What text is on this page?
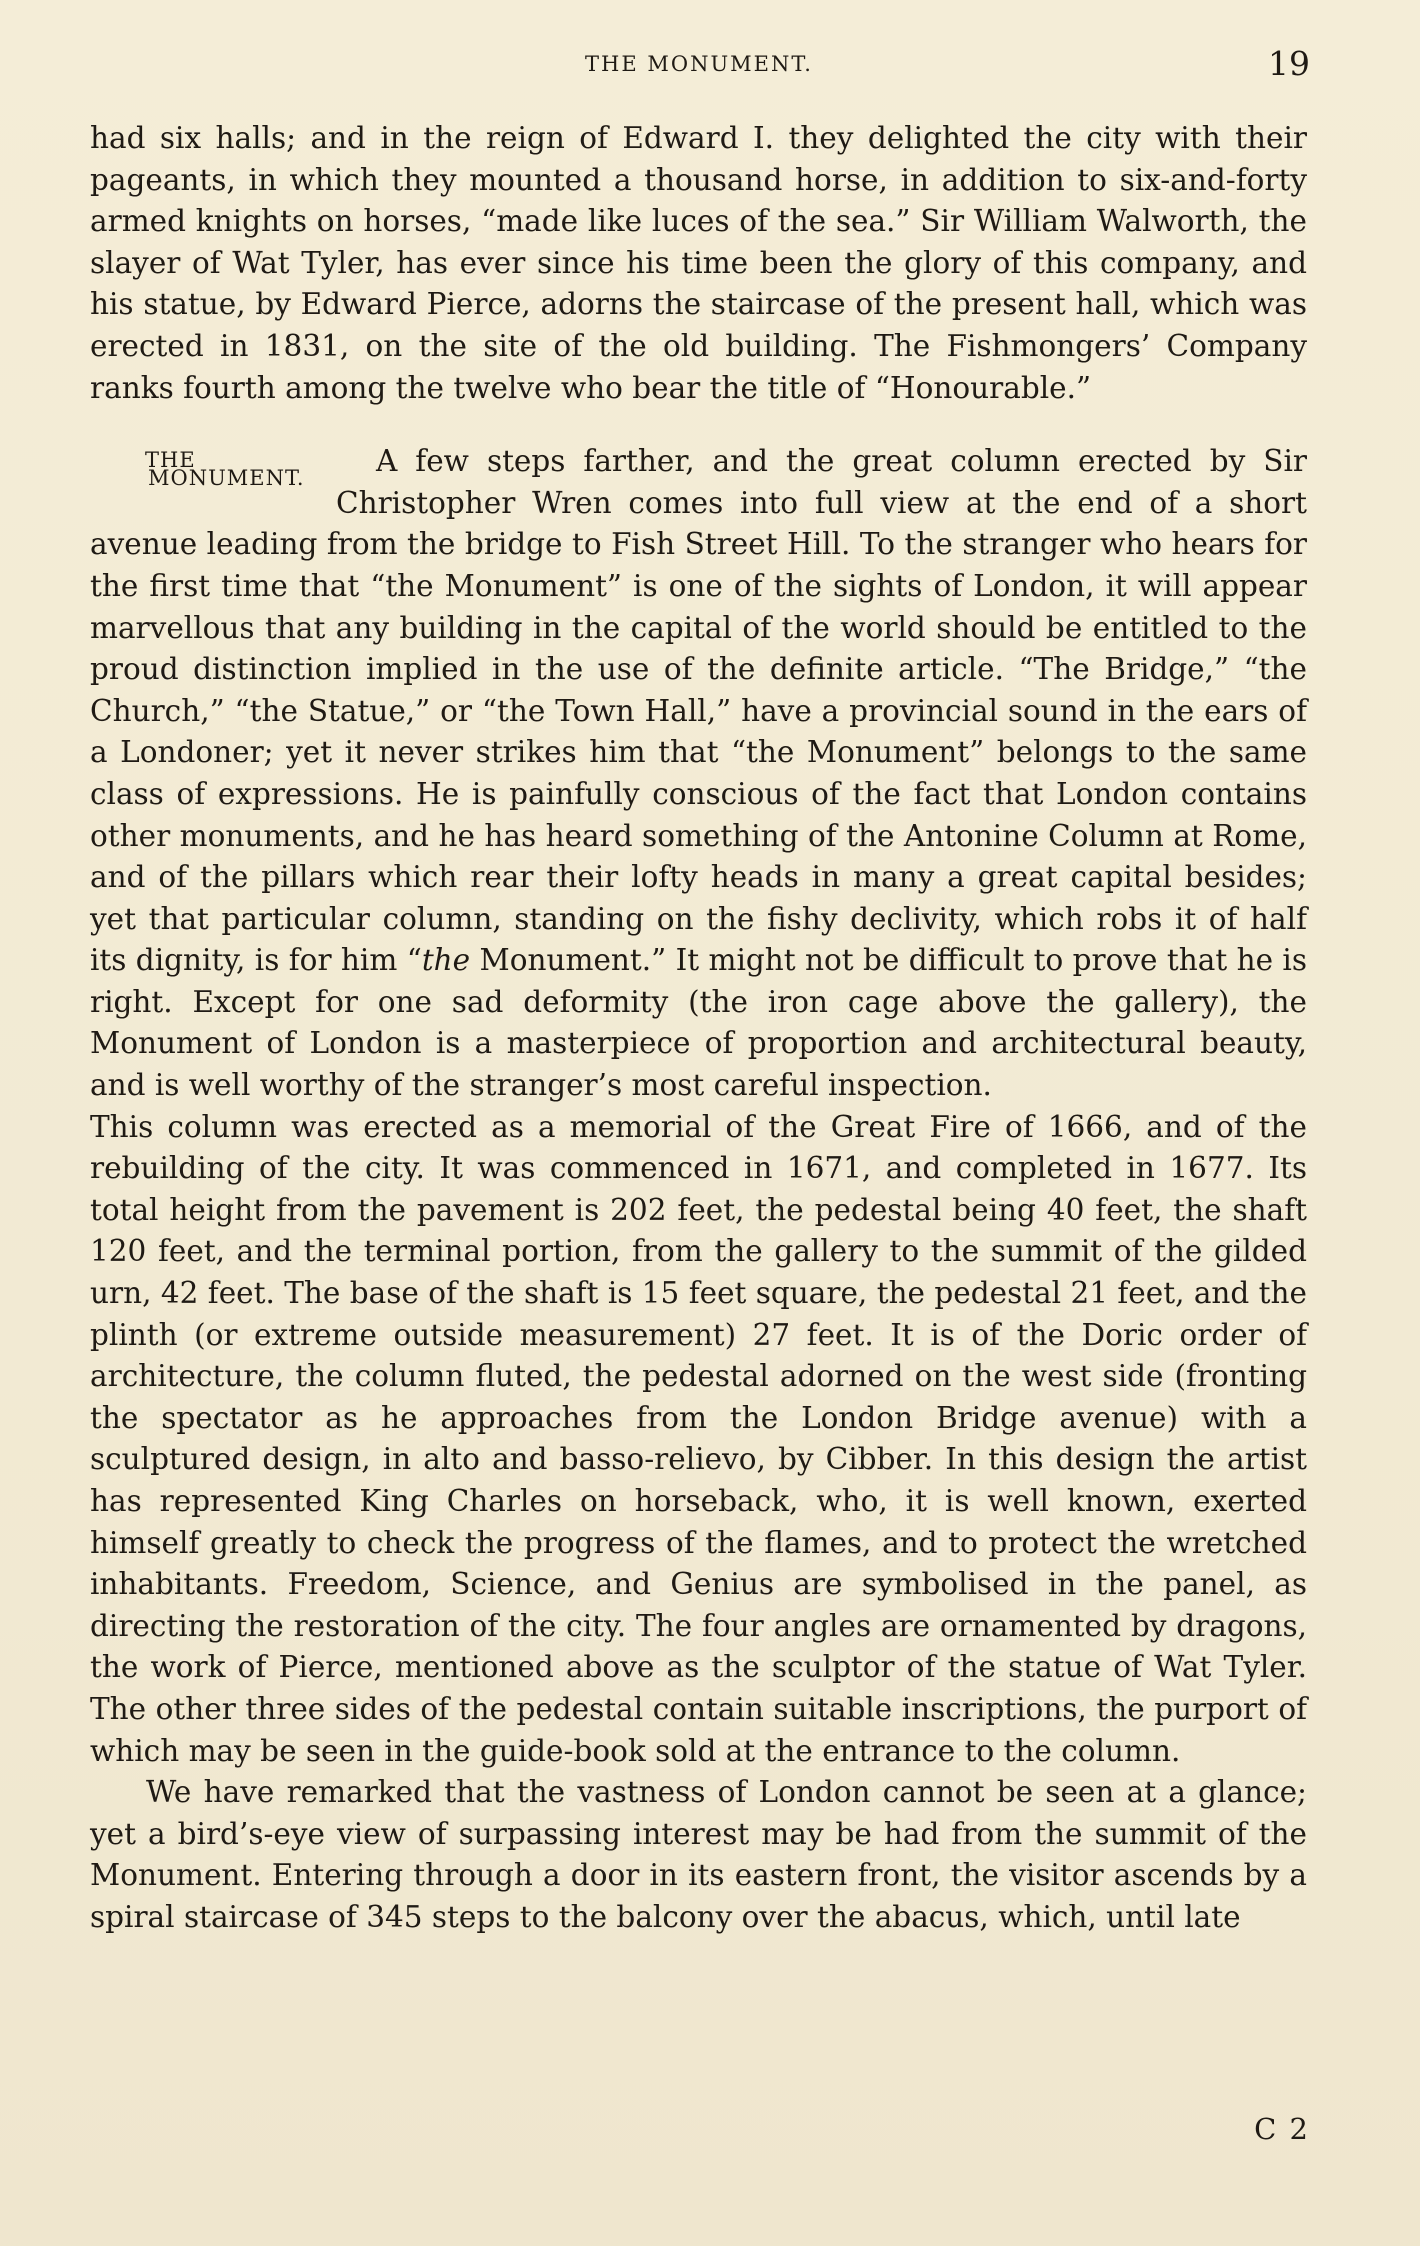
THE MONUMENT.	19

had six halls; and in the reign of Edward I. they delighted the city with their pageants, in which they mounted a thousand horse, in addition to six-and-forty armed knights on horses, “made like luces of the sea.” Sir William Walworth, the slayer of Wat Tyler, has ever since his time been the glory of this company, and his statue, by Edward Pierce, adorns the staircase of the present hall, which was erected in 1831, on the site of the old building. The Fishmongers’ Company ranks fourth among the twelve who bear the title of “Honourable.”

THE
MONUMENT.	A few steps farther, and the great column erected by Sir Christopher Wren comes into full view at the end of a short avenue leading from the bridge to Fish Street Hill. To the stranger who hears for the first time that “the Monument” is one of the sights of London, it will appear marvellous that any building in the capital of the world should be entitled to the proud distinction implied in the use of the definite article. “The Bridge,” “the Church,” “the Statue,” or “the Town Hall,” have a provincial sound in the ears of a Londoner; yet it never strikes him that “the Monument” belongs to the same class of expressions. He is painfully conscious of the fact that London contains other monuments, and he has heard something of the Antonine Column at Rome, and of the pillars which rear their lofty heads in many a great capital besides; yet that particular column, standing on the fishy declivity, which robs it of half its dignity, is for him “the Monument.” It might not be difficult to prove that he is right. Except for one sad deformity (the iron cage above the gallery), the Monument of London is a masterpiece of proportion and architectural beauty, and is well worthy of the stranger’s most careful inspection.

This column was erected as a memorial of the Great Fire of 1666, and of the rebuilding of the city. It was commenced in 1671, and completed in 1677. Its total height from the pavement is 202 feet, the pedestal being 40 feet, the shaft 120 feet, and the terminal portion, from the gallery to the summit of the gilded urn, 42 feet. The base of the shaft is 15 feet square, the pedestal 21 feet, and the plinth (or extreme outside measurement) 27 feet. It is of the Doric order of architecture, the column fluted, the pedestal adorned on the west side (fronting the spectator as he approaches from the London Bridge avenue) with a sculptured design, in alto and basso-relievo, by Cibber. In this design the artist has represented King Charles on horseback, who, it is well known, exerted himself greatly to check the progress of the flames, and to protect the wretched inhabitants. Freedom, Science, and Genius are symbolised in the panel, as directing the restoration of the city. The four angles are ornamented by dragons, the work of Pierce, mentioned above as the sculptor of the statue of Wat Tyler. The other three sides of the pedestal contain suitable inscriptions, the purport of which may be seen in the guide-book sold at the entrance to the column.

We have remarked that the vastness of London cannot be seen at a glance; yet a bird’s-eye view of surpassing interest may be had from the summit of the Monument. Entering through a door in its eastern front, the visitor ascends by a spiral staircase of 345 steps to the balcony over the abacus, which, until late

C 2
